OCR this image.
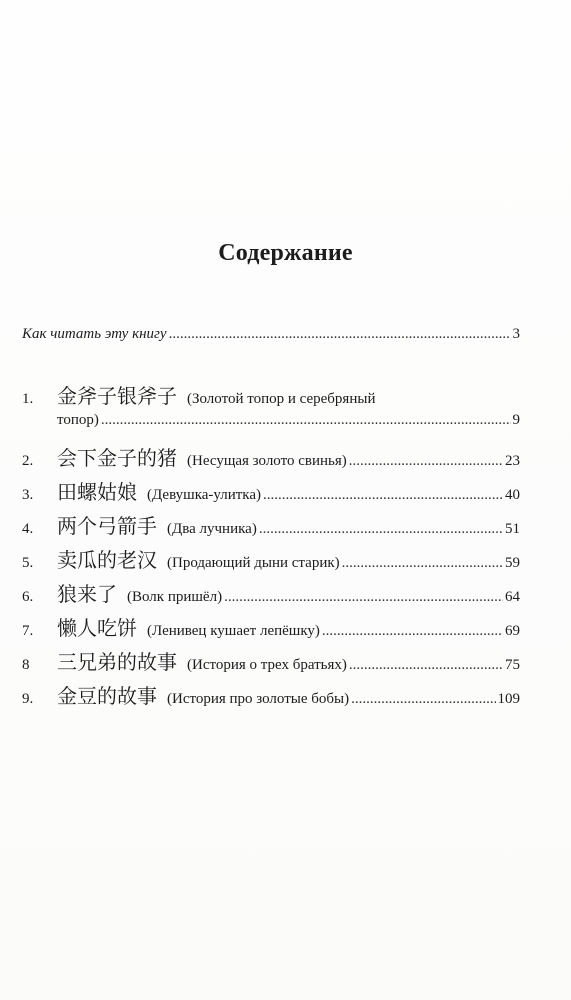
Содержание
Как читать эту книгу .....	3
1.	金斧子银斧子 (Золотой топор и серебряный
топор) .....	9
2.	会下金子的猪 (Несущая золото свинья) .....	23
3.	田螺姑娘 (Девушка-улитка) .....	40
4.	两个弓箭手 (Два лучника) .....	51
5.	卖瓜的老汉 (Продающий дыни старик) .....	59
6.	狼来了 (Волк пришёл) .....	64
7.	懒人吃饼 (Ленивец кушает лепёшку) .....	69
8	三兄弟的故事 (История о трех братьях) .....	75
9.	金豆的故事 (История про золотые бобы) .....	109
